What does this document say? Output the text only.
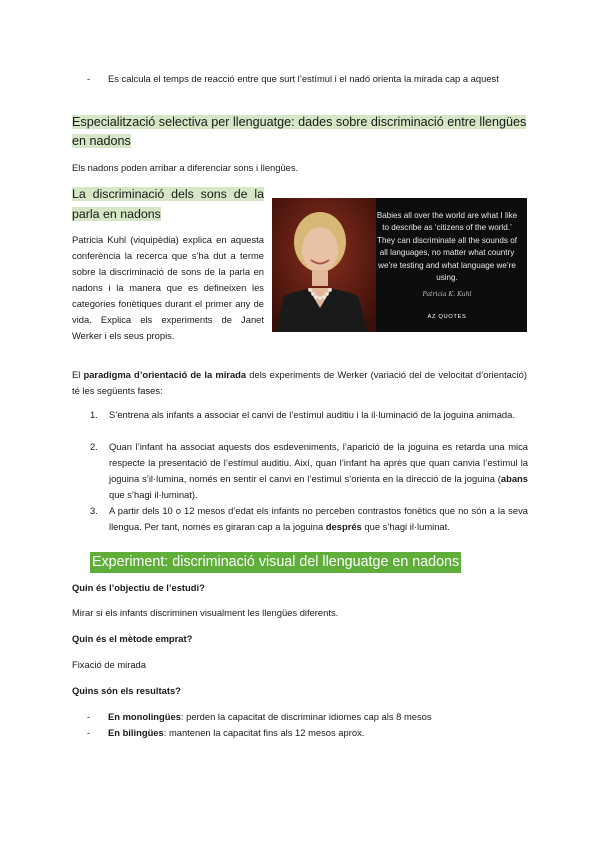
- Es calcula el temps de reacció entre que surt l’estímul i el nadó orienta la mirada cap a aquest
Especialització selectiva per llenguatge: dades sobre discriminació entre llengües en nadons

Els nadons poden arribar a diferenciar sons i llengües.

La discriminació dels sons de la parla en nadons

Patricia Kuhl (viquipèdia) explica en aquesta conferència la recerca que s’ha dut a terme sobre la discriminació de sons de la parla en nadons i la manera que es defineixen les categories fonètiques durant el primer any de vida. Explica els experiments de Janet Werker i els seus propis.

Babies all over the world are what I like to describe as ‘citizens of the world.’ They can discriminate all the sounds of all languages, no matter what country we’re testing and what language we’re using.
Patricia K. Kuhl
AZ QUOTES

El paradigma d’orientació de la mirada dels experiments de Werker (variació del de velocitat d’orientació) té les següents fases:

1. S’entrena als infants a associar el canvi de l’estímul auditiu i la il·luminació de la joguina animada.
2. Quan l’infant ha associat aquests dos esdeveniments, l’aparició de la joguina es retarda una mica respecte la presentació de l’estímul auditiu. Així, quan l’infant ha après que quan canvia l’estímul la joguina s’il·lumina, només en sentir el canvi en l’estímul s’orienta en la direcció de la joguina (abans que s’hagi il·luminat).
3. A partir dels 10 o 12 mesos d’edat els infants no perceben contrastos fonètics que no són a la seva llengua. Per tant, només es giraran cap a la joguina després que s’hagi il·luminat.
Experiment: discriminació visual del llenguatge en nadons

Quin és l’objectiu de l’estudi?

Mirar si els infants discriminen visualment les llengües diferents.

Quin és el mètode emprat?

Fixació de mirada

Quins són els resultats?

- En monolingües: perden la capacitat de discriminar idiomes cap als 8 mesos
- En bilingües: mantenen la capacitat fins als 12 mesos aprox.
